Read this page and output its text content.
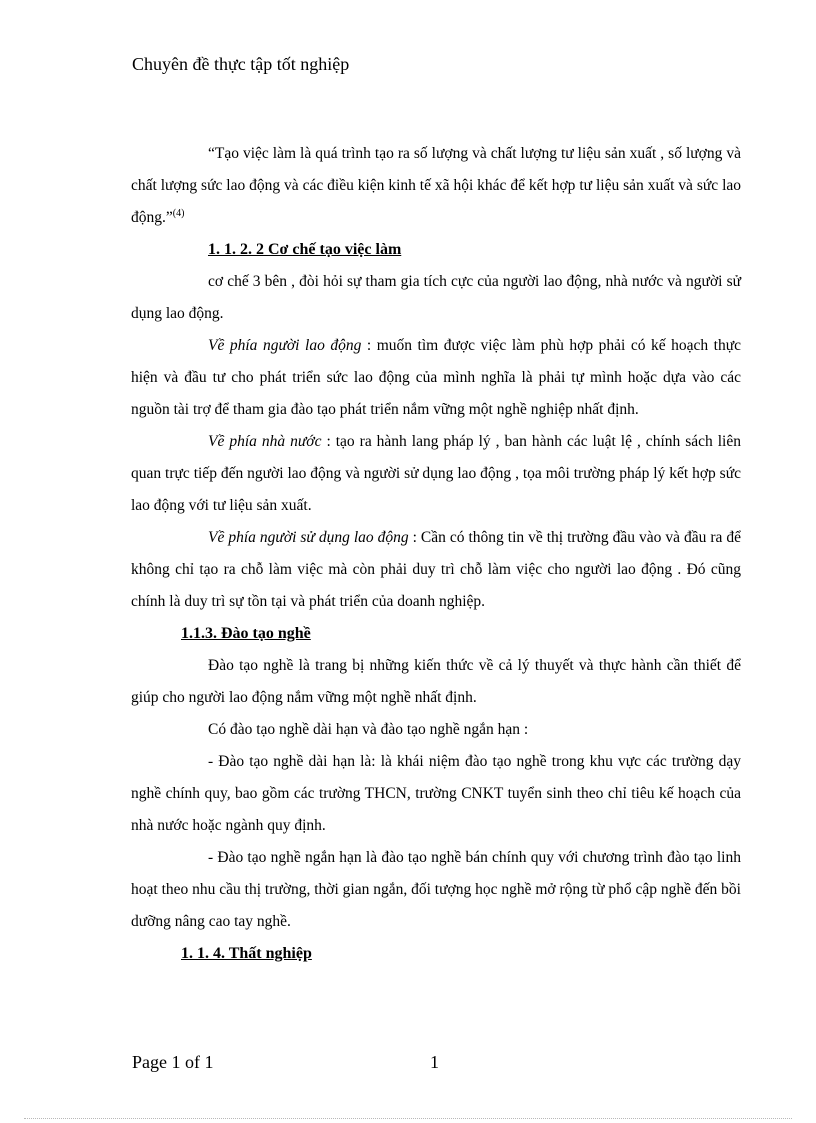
Chuyên đề thực tập tốt nghiệp

“Tạo việc làm là quá trình tạo ra số lượng và chất lượng tư liệu sản xuất , số lượng và chất lượng sức lao động và các điều kiện kinh tế xã hội khác để kết hợp tư liệu sản xuất và sức lao động.”$^{(4)}$

1. 1. 2. 2 Cơ chế tạo việc làm

cơ chế 3 bên , đòi hỏi sự tham gia tích cực của người lao động, nhà nước và người sử dụng lao động.

Về phía người lao động : muốn tìm được việc làm phù hợp phải có kế hoạch thực hiện và đầu tư cho phát triển sức lao động của mình nghĩa là phải tự mình hoặc dựa vào các nguồn tài trợ để tham gia đào tạo phát triển nắm vững một nghề nghiệp nhất định.

Về phía nhà nước : tạo ra hành lang pháp lý , ban hành các luật lệ , chính sách liên quan trực tiếp đến người lao động và người sử dụng lao động , tọa môi trường pháp lý kết hợp sức lao động với tư liệu sản xuất.

Về phía người sử dụng lao động : Cần có thông tin về thị trường đầu vào và đầu ra để không chỉ tạo ra chỗ làm việc mà còn phải duy trì chỗ làm việc cho người lao động . Đó cũng chính là duy trì sự tồn tại và phát triển của doanh nghiệp.

1.1.3. Đào tạo nghề

Đào tạo nghề là trang bị những kiến thức về cả lý thuyết và thực hành cần thiết để giúp cho người lao động nắm vững một nghề nhất định.

Có đào tạo nghề dài hạn và đào tạo nghề ngắn hạn :

- Đào tạo nghề dài hạn là: là khái niệm đào tạo nghề trong khu vực các trường dạy nghề chính quy, bao gồm các trường THCN, trường CNKT tuyển sinh theo chỉ tiêu kế hoạch của nhà nước hoặc ngành quy định.

- Đào tạo nghề ngắn hạn là đào tạo nghề bán chính quy với chương trình đào tạo linh hoạt theo nhu cầu thị trường, thời gian ngắn, đối tượng học nghề mở rộng từ phổ cập nghề đến bồi dưỡng nâng cao tay nghề.

1. 1. 4. Thất nghiệp

Page 1 of 1	1
